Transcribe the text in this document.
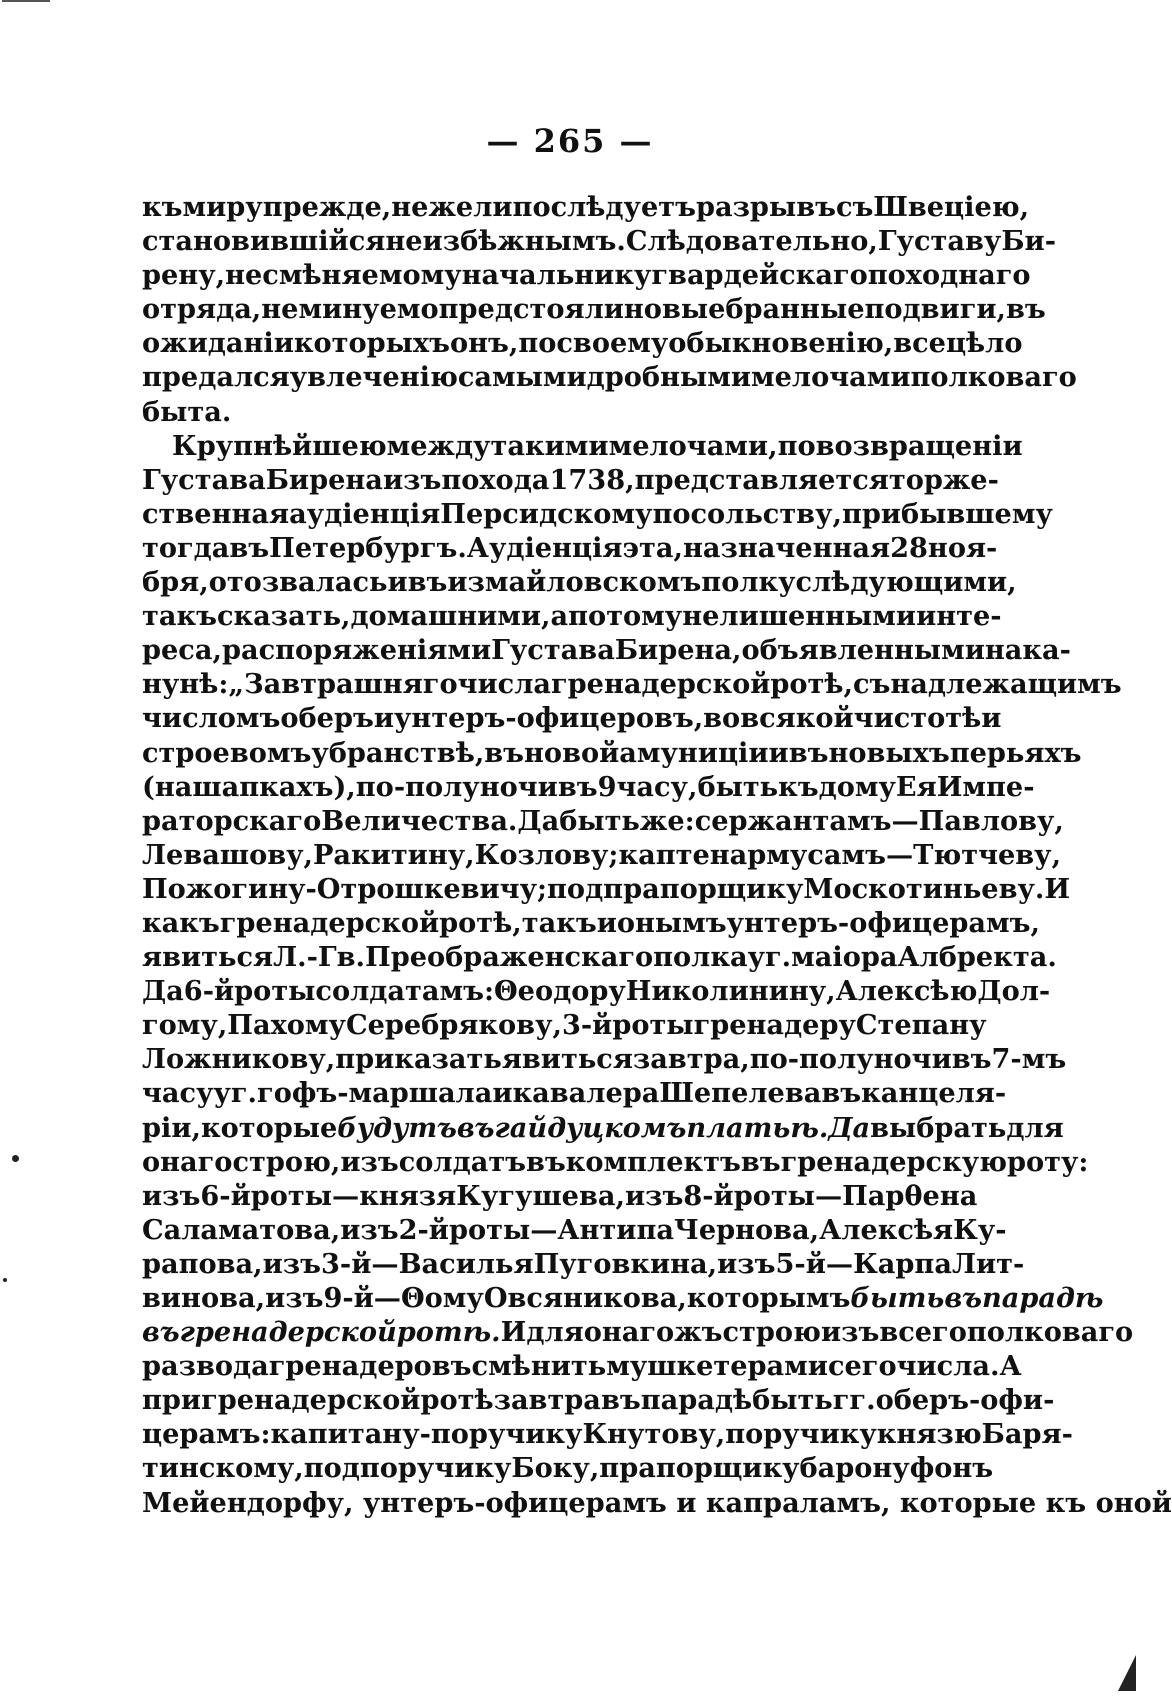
— 265 —

къ миру прежде, нежели послѣдуетъ разрывъ съ Швеціею,
становившійся неизбѣжнымъ. Слѣдовательно, Густаву Би-
рену, несмѣняемому начальнику гвардейскаго походнаго
отряда, неминуемо предстояли новые бранные подвиги, въ
ожиданіи которыхъ онъ, по своему обыкновенію, всецѣло
предался увлеченію самыми дробными мелочами полковаго
быта.

Крупнѣйшею между такими мелочами, по возвращеніи
Густава Бирена изъ похода 1738, представляется торже-
ственная аудіенція Персидскому посольству, прибывшему
тогда въ Петербургъ. Аудіенція эта, назначенная 28 ноя-
бря, отозвалась и въ измайловскомъ полку слѣдующими,
такъ сказать, домашними, а потому не лишенными инте-
реса, распоряженіями Густава Бирена, объявленными нака-
нунѣ: „Завтрашняго числа гренадерской ротѣ, съ надлежащимъ
числомъ оберъ и унтеръ-офицеровъ, во всякой чистотѣ и
строевомъ убранствѣ, въ новой амуниціи и въ новыхъ перьяхъ
(на шапкахъ), по-полуночи въ 9 часу, быть къ дому Ея Импе-
раторскаго Величества. Да быть же: сержантамъ—Павлову,
Левашову, Ракитину, Козлову; каптенармусамъ—Тютчеву,
Пожогину-Отрошкевичу; подпрапорщику Москотиньеву. И
какъ гренадерской ротѣ, такъ и онымъ унтеръ-офицерамъ,
явиться Л.-Гв. Преображенскаго полка у г. маіора Албректа.
Да 6-й роты солдатамъ: Θеодору Николинину, Алексѣю Дол-
гому, Пахому Серебрякову, 3-й роты гренадеру Степану
Ложникову, приказать явиться завтра, по-полуночи въ 7-мъ
часу у г. гофъ-маршала и кавалера Шепелева въ канцеля-
ріи, которые будутъ въ гайдуцкомъ платьѣ. Да выбрать для
онаго строю, изъ солдатъ въ комплектъ въ гренадерскую роту:
изъ 6-й роты — князя Кугушева, изъ 8-й роты — Парθена
Саламатова, изъ 2-й роты—Антипа Чернова, Алексѣя Ку-
рапова, изъ 3-й—Василья Пуговкина, изъ 5-й—Карпа Лит-
винова, изъ 9-й—Θому Овсяникова, которымъ быть въ парадѣ
въ гренадерской ротѣ. И для онаго жъ строю изъ всего полковаго
развода гренадеровъ смѣнить мушкетерами сего числа. А
при гренадерской ротѣ завтра въ парадѣ быть гг. оберъ-офи-
церамъ: капитану-поручику Кнутову, поручику князю Баря-
тинскому, подпоручику Боку, прапорщику барону фонъ
Мейендорфу,
унтеръ-офицерамъ
и
капраламъ,
которые
къ
оной
